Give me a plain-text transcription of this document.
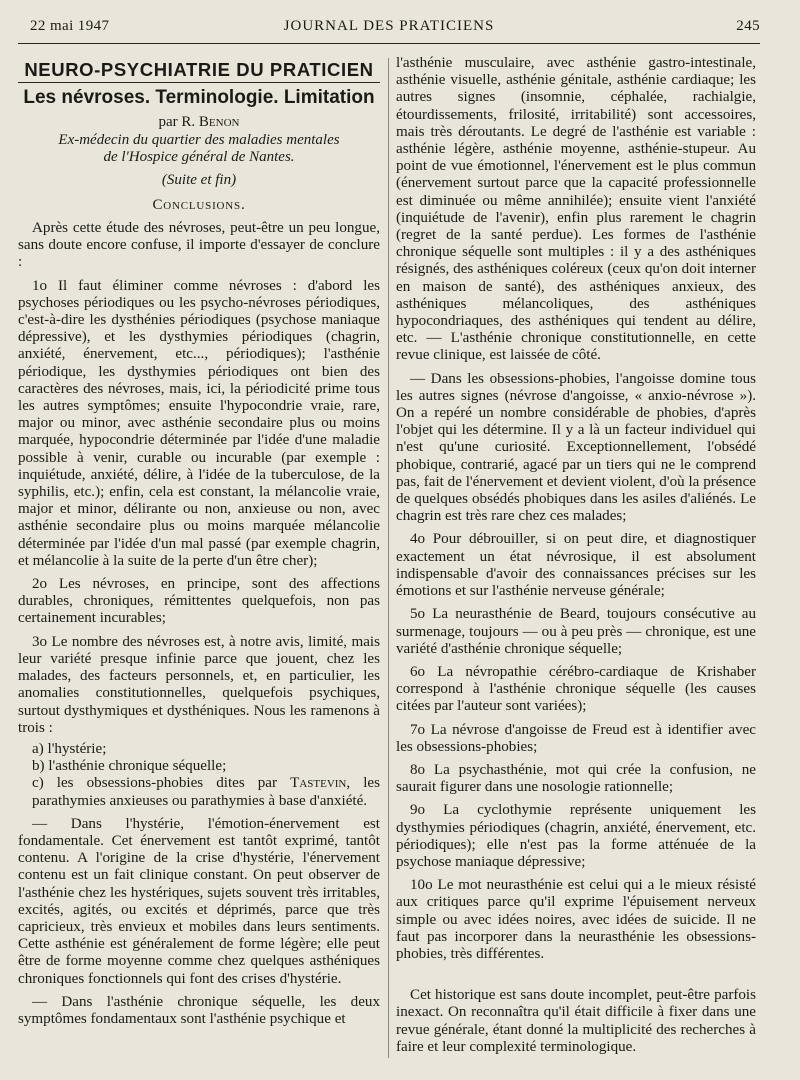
22 mai 1947	JOURNAL DES PRATICIENS	245
NEURO-PSYCHIATRIE DU PRATICIEN
Les névroses. Terminologie. Limitation

par R. Benon

Ex-médecin du quartier des maladies mentales

de l'Hospice général de Nantes.

(Suite et fin)

Conclusions.

Après cette étude des névroses, peut-être un peu longue, sans doute encore confuse, il importe d'essayer de conclure :

1o Il faut éliminer comme névroses : d'abord les psychoses périodiques ou les psycho-névroses périodiques, c'est-à-dire les dysthénies périodiques (psychose maniaque dépressive), et les dysthymies périodiques (chagrin, anxiété, énervement, etc..., périodiques); l'asthénie périodique, les dysthymies périodiques ont bien des caractères des névroses, mais, ici, la périodicité prime tous les autres symptômes; ensuite l'hypocondrie vraie, rare, major ou minor, avec asthénie secondaire plus ou moins marquée, hypocondrie déterminée par l'idée d'une maladie possible à venir, curable ou incurable (par exemple : inquiétude, anxiété, délire, à l'idée de la tuberculose, de la syphilis, etc.); enfin, cela est constant, la mélancolie vraie, major et minor, délirante ou non, anxieuse ou non, avec asthénie secondaire plus ou moins marquée mélancolie déterminée par l'idée d'un mal passé (par exemple chagrin, et mélancolie à la suite de la perte d'un être cher);

2o Les névroses, en principe, sont des affections durables, chroniques, rémittentes quelquefois, non pas certainement incurables;

3o Le nombre des névroses est, à notre avis, limité, mais leur variété presque infinie parce que jouent, chez les malades, des facteurs personnels, et, en particulier, les anomalies constitutionnelles, quelquefois psychiques, surtout dysthymiques et dysthéniques. Nous les ramenons à trois :

a) l'hystérie;
b) l'asthénie chronique séquelle;
c) les obsessions-phobies dites par Tastevin, les parathymies anxieuses ou parathymies à base d'anxiété.

— Dans l'hystérie, l'émotion-énervement est fondamentale. Cet énervement est tantôt exprimé, tantôt contenu. A l'origine de la crise d'hystérie, l'énervement contenu est un fait clinique constant. On peut observer de l'asthénie chez les hystériques, sujets souvent très irritables, excités, agités, ou excités et déprimés, parce que très capricieux, très envieux et mobiles dans leurs sentiments. Cette asthénie est généralement de forme légère; elle peut être de forme moyenne comme chez quelques asthéniques chroniques fonctionnels qui font des crises d'hystérie.

— Dans l'asthénie chronique séquelle, les deux symptômes fondamentaux sont l'asthénie psychique et

l'asthénie musculaire, avec asthénie gastro-intestinale, asthénie visuelle, asthénie génitale, asthénie cardiaque; les autres signes (insomnie, céphalée, rachialgie, étourdissements, frilosité, irritabilité) sont accessoires, mais très déroutants. Le degré de l'asthénie est variable : asthénie légère, asthénie moyenne, asthénie-stupeur. Au point de vue émotionnel, l'énervement est le plus commun (énervement surtout parce que la capacité professionnelle est diminuée ou même annihilée); ensuite vient l'anxiété (inquiétude de l'avenir), enfin plus rarement le chagrin (regret de la santé perdue). Les formes de l'asthénie chronique séquelle sont multiples : il y a des asthéniques résignés, des asthéniques coléreux (ceux qu'on doit interner en maison de santé), des asthéniques anxieux, des asthéniques mélancoliques, des asthéniques hypocondriaques, des asthéniques qui tendent au délire, etc. — L'asthénie chronique constitutionnelle, en cette revue clinique, est laissée de côté.

— Dans les obsessions-phobies, l'angoisse domine tous les autres signes (névrose d'angoisse, « anxio-névrose »). On a repéré un nombre considérable de phobies, d'après l'objet qui les détermine. Il y a là un facteur individuel qui n'est qu'une curiosité. Exceptionnellement, l'obsédé phobique, contrarié, agacé par un tiers qui ne le comprend pas, fait de l'énervement et devient violent, d'où la présence de quelques obsédés phobiques dans les asiles d'aliénés. Le chagrin est très rare chez ces malades;

4o Pour débrouiller, si on peut dire, et diagnostiquer exactement un état névrosique, il est absolument indispensable d'avoir des connaissances précises sur les émotions et sur l'asthénie nerveuse générale;

5o La neurasthénie de Beard, toujours consécutive au surmenage, toujours — ou à peu près — chronique, est une variété d'asthénie chronique séquelle;

6o La névropathie cérébro-cardiaque de Krishaber correspond à l'asthénie chronique séquelle (les causes citées par l'auteur sont variées);

7o La névrose d'angoisse de Freud est à identifier avec les obsessions-phobies;

8o La psychasthénie, mot qui crée la confusion, ne saurait figurer dans une nosologie rationnelle;

9o La cyclothymie représente uniquement les dysthymies périodiques (chagrin, anxiété, énervement, etc. périodiques); elle n'est pas la forme atténuée de la psychose maniaque dépressive;

10o Le mot neurasthénie est celui qui a le mieux résisté aux critiques parce qu'il exprime l'épuisement nerveux simple ou avec idées noires, avec idées de suicide. Il ne faut pas incorporer dans la neurasthénie les obsessions-phobies, très différentes.

Cet historique est sans doute incomplet, peut-être parfois inexact. On reconnaîtra qu'il était difficile à fixer dans une revue générale, étant donné la multiplicité des recherches à faire et leur complexité terminologique.
